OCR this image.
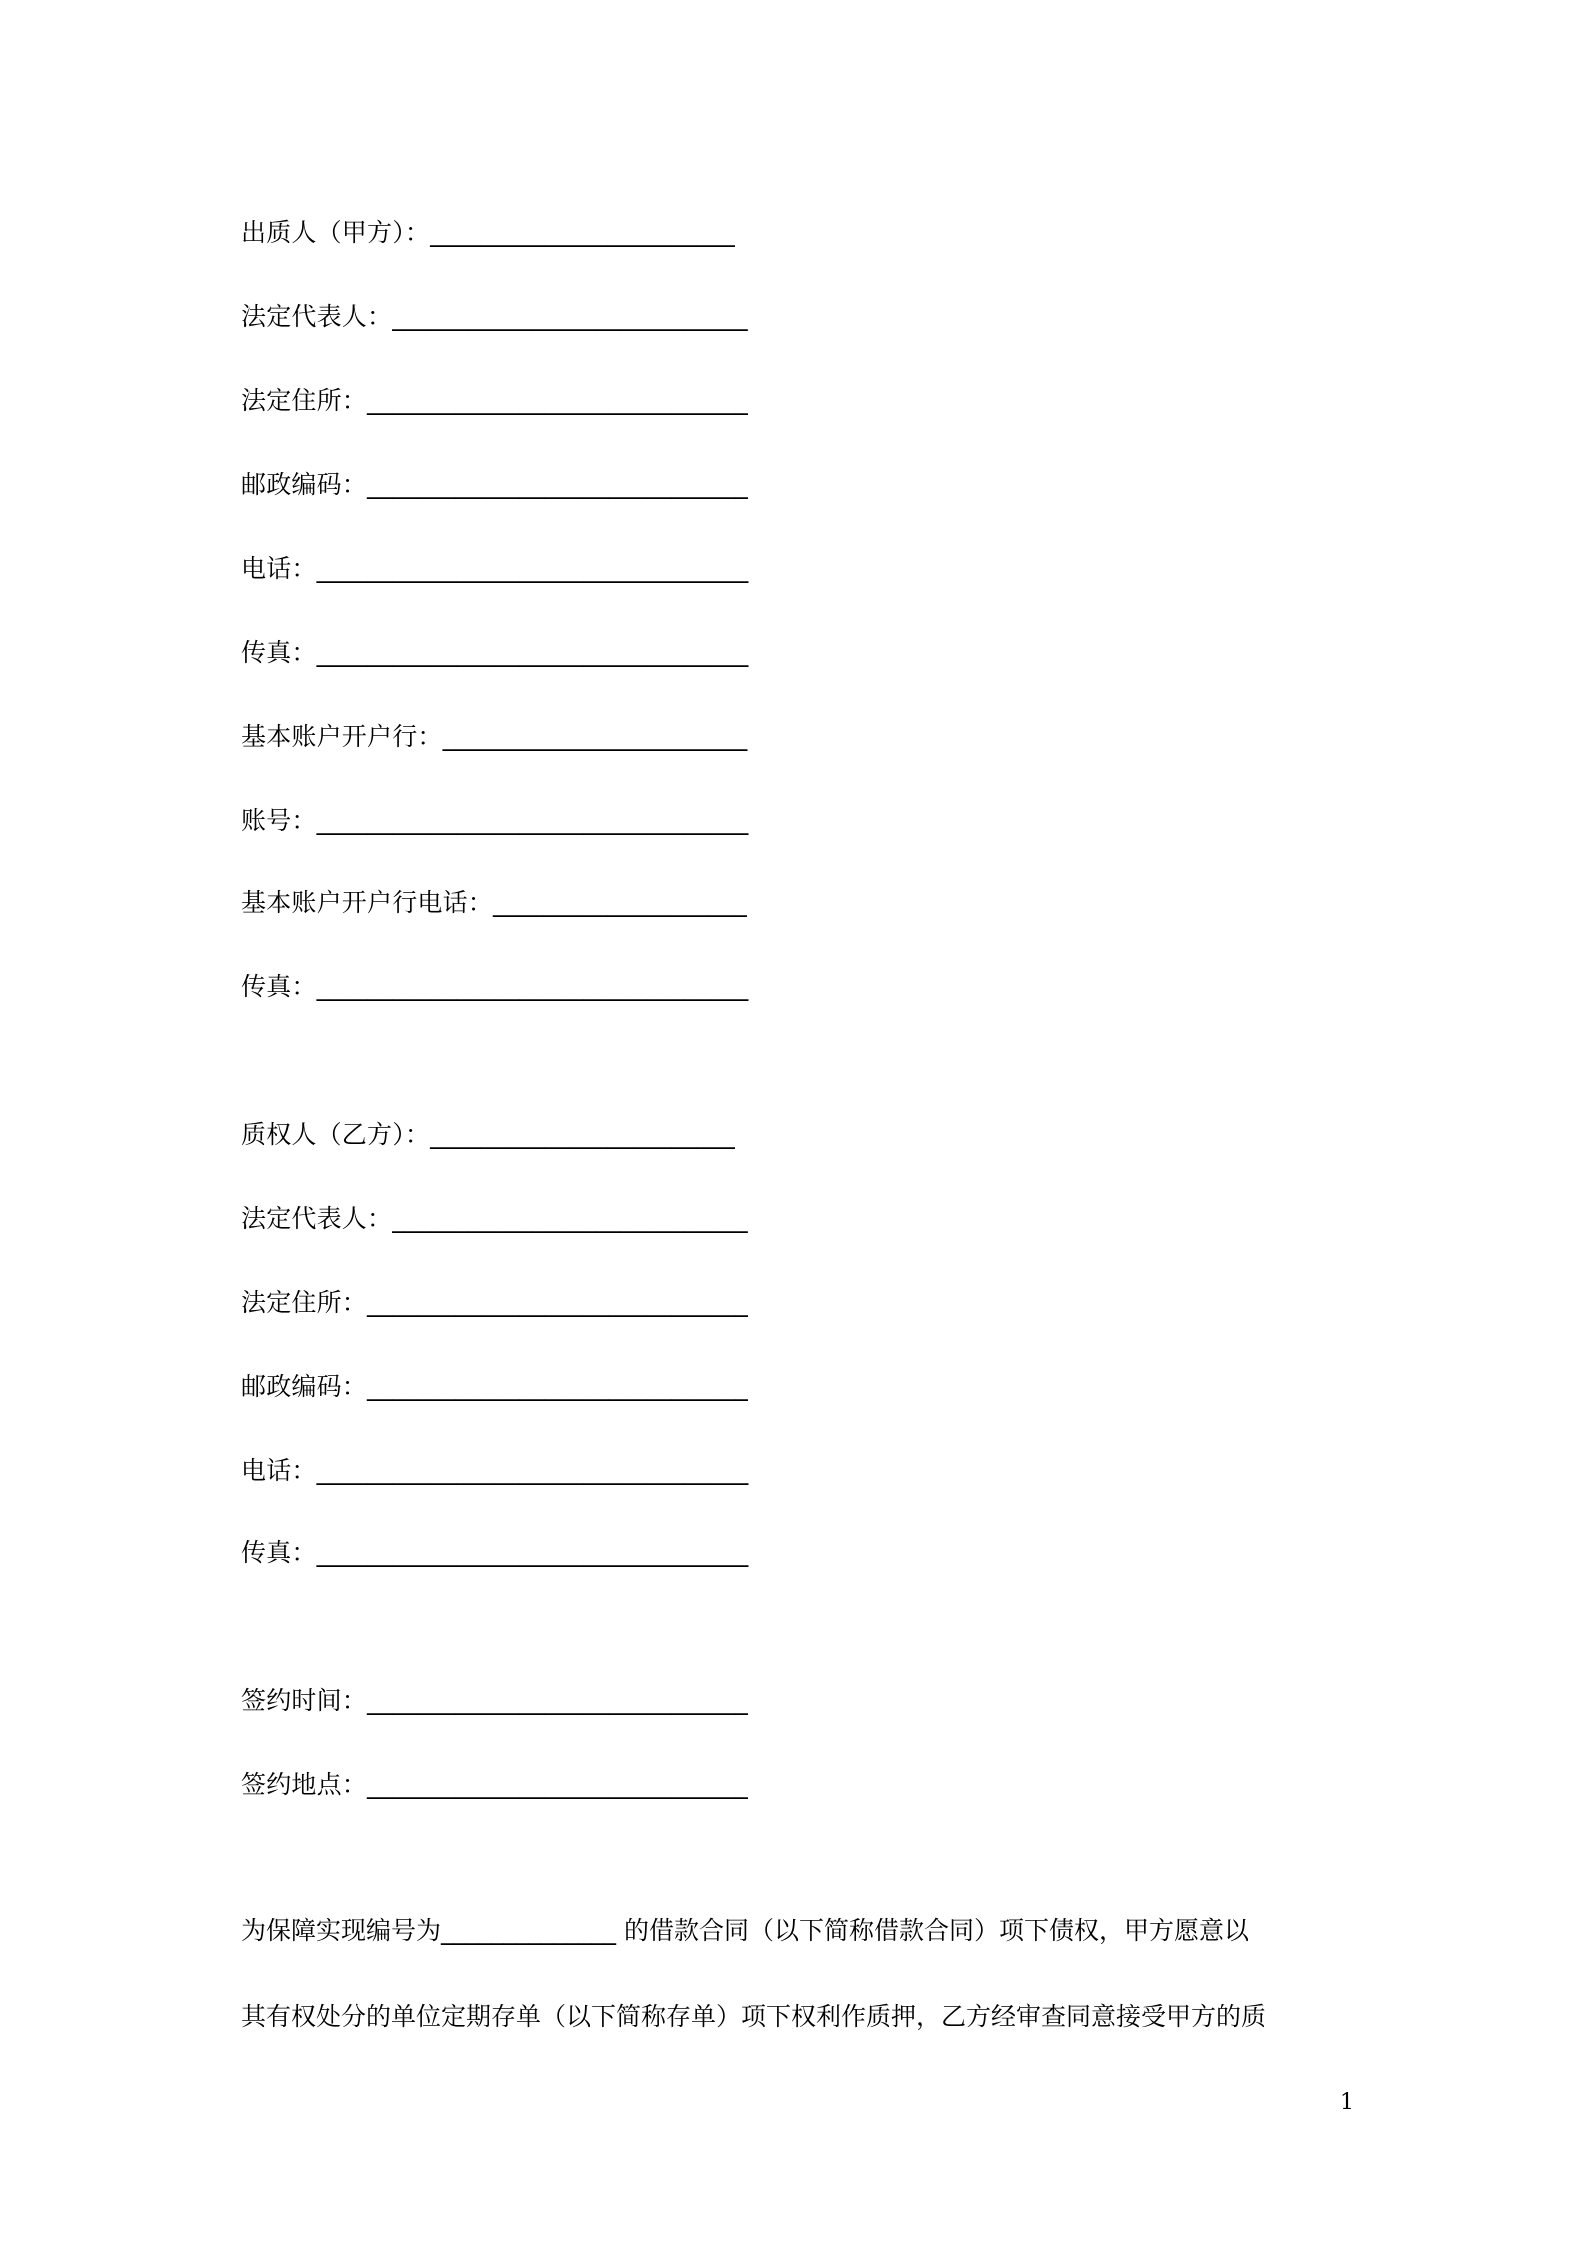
出质人（甲方）：________________________
法定代表人：____________________________
法定住所：______________________________
邮政编码：______________________________
电话：__________________________________
传真：__________________________________
基本账户开户行：________________________
账号：__________________________________
基本账户开户行电话：____________________
传真：__________________________________
质权人（乙方）：________________________
法定代表人：____________________________
法定住所：______________________________
邮政编码：______________________________
电话：__________________________________
传真：__________________________________
签约时间：______________________________
签约地点：______________________________
为保障实现编号为______________ 的借款合同（以下简称借款合同）项下债权，甲方愿意以
其有权处分的单位定期存单（以下简称存单）项下权利作质押，乙方经审查同意接受甲方的质
1
